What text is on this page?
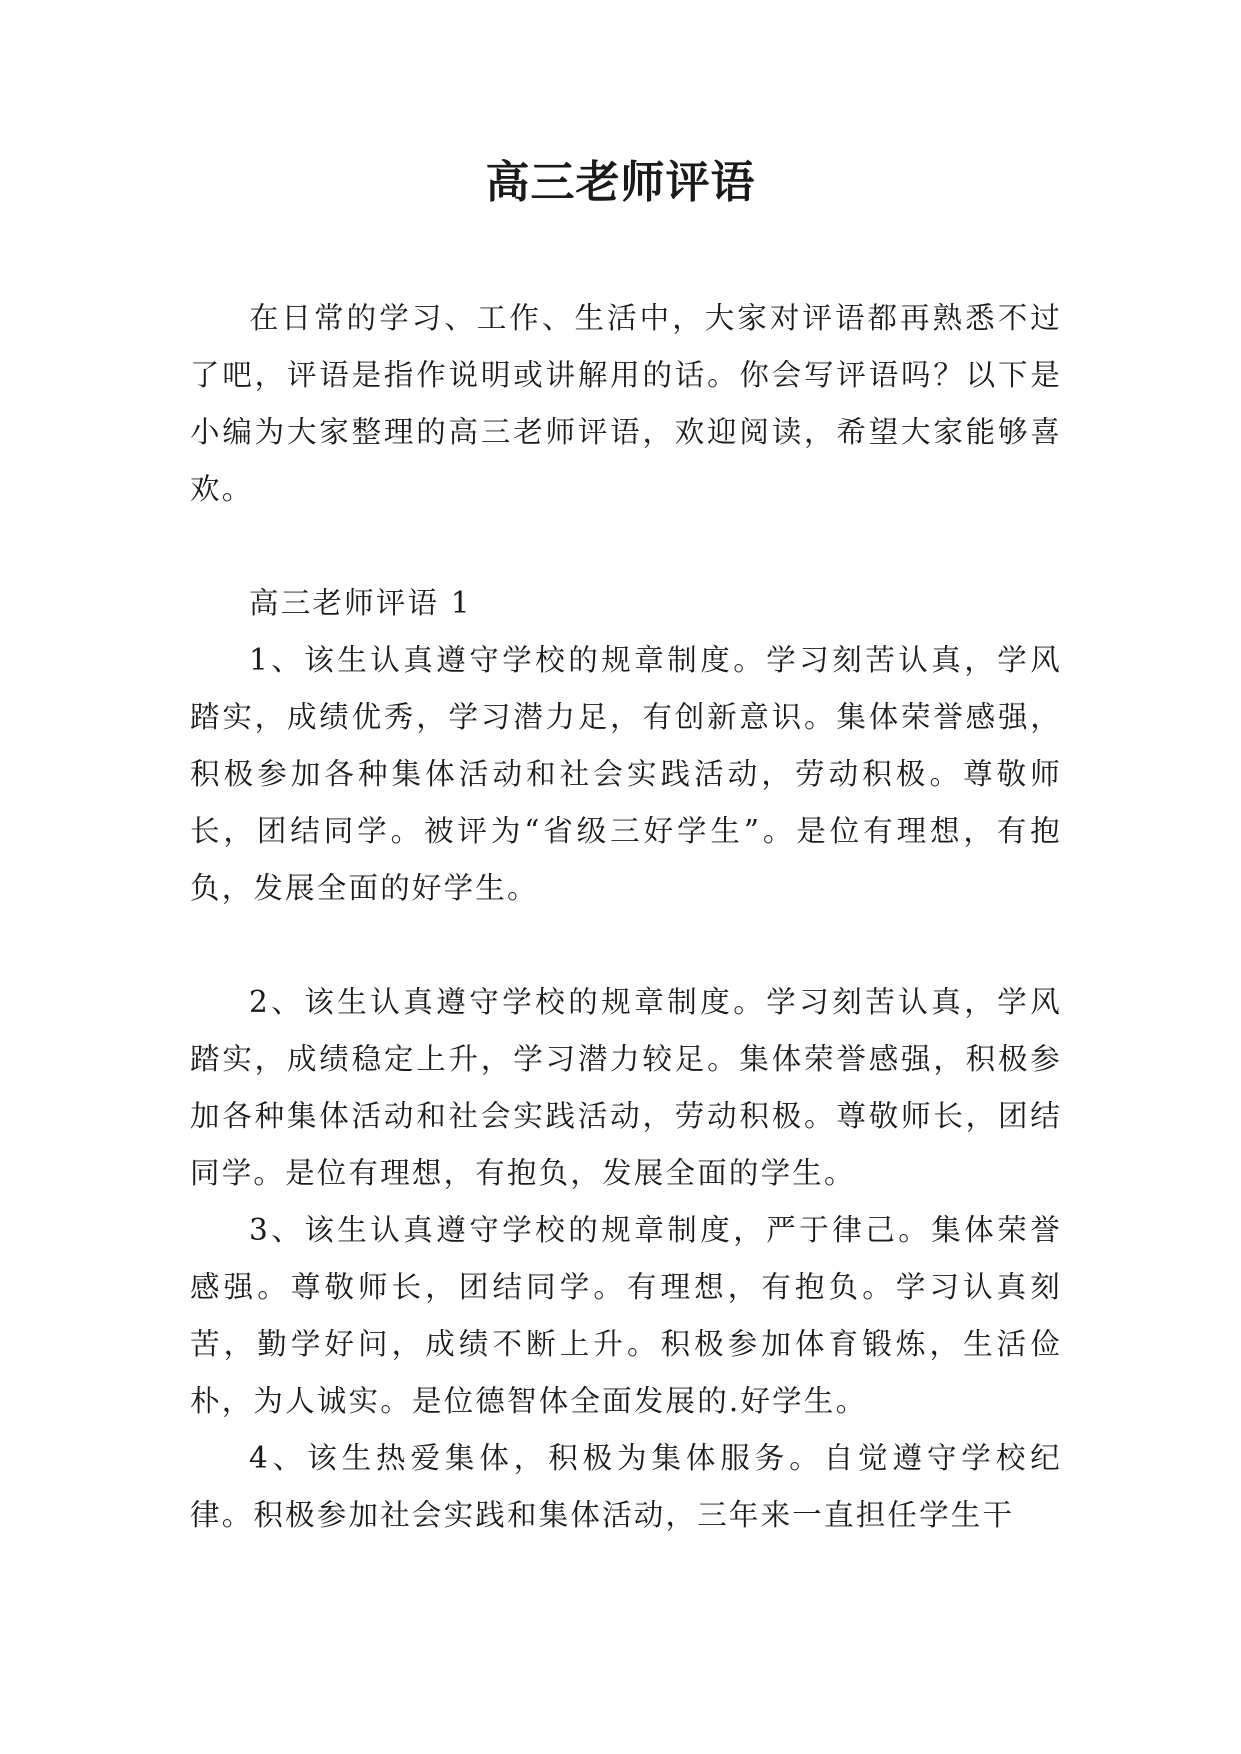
高三老师评语

在日常的学习、工作、生活中，大家对评语都再熟悉不过了吧，评语是指作说明或讲解用的话。你会写评语吗？以下是小编为大家整理的高三老师评语，欢迎阅读，希望大家能够喜欢。

高三老师评语 1

1、该生认真遵守学校的规章制度。学习刻苦认真，学风踏实，成绩优秀，学习潜力足，有创新意识。集体荣誉感强，积极参加各种集体活动和社会实践活动，劳动积极。尊敬师长，团结同学。被评为“省级三好学生”。是位有理想，有抱负，发展全面的好学生。

2、该生认真遵守学校的规章制度。学习刻苦认真，学风踏实，成绩稳定上升，学习潜力较足。集体荣誉感强，积极参加各种集体活动和社会实践活动，劳动积极。尊敬师长，团结同学。是位有理想，有抱负，发展全面的学生。

3、该生认真遵守学校的规章制度，严于律己。集体荣誉感强。尊敬师长，团结同学。有理想，有抱负。学习认真刻苦，勤学好问，成绩不断上升。积极参加体育锻炼，生活俭朴，为人诚实。是位德智体全面发展的.好学生。

4、该生热爱集体，积极为集体服务。自觉遵守学校纪律。积极参加社会实践和集体活动，三年来一直担任学生干
